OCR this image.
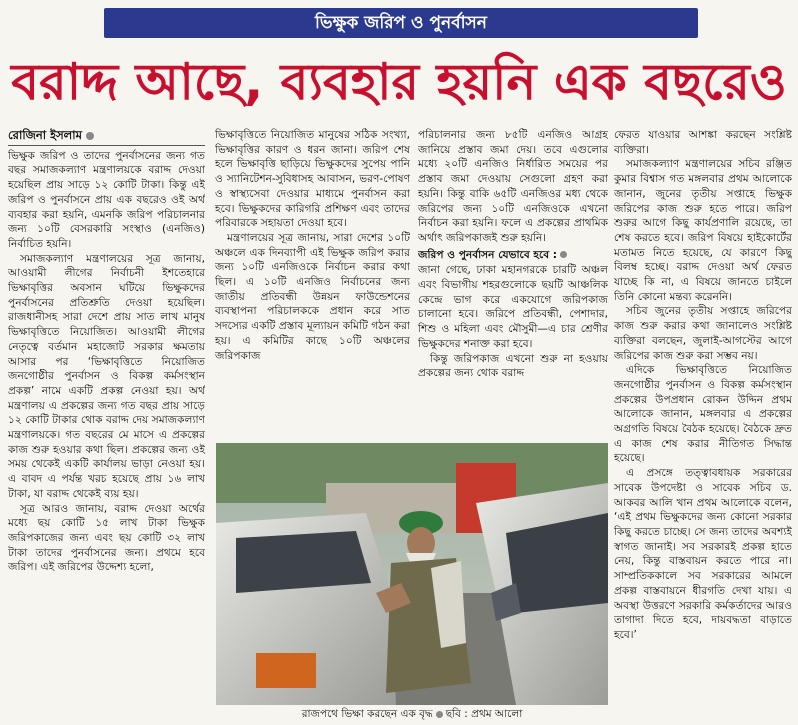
ভিক্ষুক জরিপ ও পুনর্বাসন
বরাদ্দ আছে, ব্যবহার হয়নি এক বছরেও
রোজিনা ইসলাম

ভিক্ষুক জরিপ ও তাদের পুনর্বাসনের জন্য গত বছর সমাজকল্যাণ মন্ত্রণালয়কে বরাদ্দ দেওয়া হয়েছিল প্রায় সাড়ে ১২ কোটি টাকা। কিন্তু এই জরিপ ও পুনর্বাসনে প্রায় এক বছরেও ওই অর্থ ব্যবহার করা হয়নি, এমনকি জরিপ পরিচালনার জন্য ১০টি বেসরকারি সংস্থাও (এনজিও) নির্বাচিত হয়নি।

সমাজকল্যাণ মন্ত্রণালয়ের সূত্র জানায়, আওয়ামী লীগের নির্বাচনী ইশতেহারে ভিক্ষাবৃত্তির অবসান ঘটিয়ে ভিক্ষুকদের পুনর্বাসনের প্রতিশ্রুতি দেওয়া হয়েছিল। রাজধানীসহ সারা দেশে প্রায় সাত লাখ মানুষ ভিক্ষাবৃত্তিতে নিয়োজিত। আওয়ামী লীগের নেতৃত্বে বর্তমান মহাজোট সরকার ক্ষমতায় আসার পর ‘ভিক্ষাবৃত্তিতে নিয়োজিত জনগোষ্ঠীর পুনর্বাসন ও বিকল্প কর্মসংস্থান প্রকল্প’ নামে একটি প্রকল্প নেওয়া হয়। অর্থ মন্ত্রণালয় এ প্রকল্পের জন্য গত বছর প্রায় সাড়ে ১২ কোটি টাকার থোক বরাদ্দ দেয় সমাজকল্যাণ মন্ত্রণালয়কে। গত বছরের মে মাসে এ প্রকল্পের কাজ শুরু হওয়ার কথা ছিল। প্রকল্পের জন্য ওই সময় থেকেই একটি কার্যালয় ভাড়া নেওয়া হয়। এ বাবদ এ পর্যন্ত খরচ হয়েছে প্রায় ১৬ লাখ টাকা, যা বরাদ্দ থেকেই ব্যয় হয়।

সূত্র আরও জানায়, বরাদ্দ দেওয়া অর্থের মধ্যে ছয় কোটি ১৫ লাখ টাকা ভিক্ষুক জরিপকাজের জন্য এবং ছয় কোটি ৩২ লাখ টাকা তাদের পুনর্বাসনের জন্য। প্রথমে হবে জরিপ। এই জরিপের উদ্দেশ্য হলো,

ভিক্ষাবৃত্তিতে নিয়োজিত মানুষের সঠিক সংখ্যা, ভিক্ষাবৃত্তির কারণ ও ধরন জানা। জরিপ শেষ হলে ভিক্ষাবৃত্তি ছাড়িয়ে ভিক্ষুকদের সুপেয় পানি ও স্যানিটেশন-সুবিধাসহ আবাসন, ভরণ-পোষণ ও স্বাস্থ্যসেবা দেওয়ার মাধ্যমে পুনর্বাসন করা হবে। ভিক্ষুকদের কারিগরি প্রশিক্ষণ এবং তাদের পরিবারকে সহায়তা দেওয়া হবে।

মন্ত্রণালয়ের সূত্র জানায়, সারা দেশের ১০টি অঞ্চলে এক দিনব্যাপী এই ভিক্ষুক জরিপ করার জন্য ১০টি এনজিওকে নির্বাচন করার কথা ছিল। এ ১০টি এনজিও নির্বাচনের জন্য জাতীয় প্রতিবন্ধী উন্নয়ন ফাউন্ডেশনের ব্যবস্থাপনা পরিচালককে প্রধান করে সাত সদস্যের একটি প্রস্তাব মূল্যায়ন কমিটি গঠন করা হয়। এ কমিটির কাছে ১০টি অঞ্চলের জরিপকাজ

পরিচালনার জন্য ৮৫টি এনজিও আগ্রহ জানিয়ে প্রস্তাব জমা দেয়। তবে এগুলোর মধ্যে ২০টি এনজিও নির্ধারিত সময়ের পর প্রস্তাব জমা দেওয়ায় সেগুলো গ্রহণ করা হয়নি। কিন্তু বাকি ৬৫টি এনজিওর মধ্য থেকে জরিপের জন্য ১০টি এনজিওকে এখনো নির্বাচন করা হয়নি। ফলে এ প্রকল্পের প্রাথমিক অর্থাৎ জরিপকাজই শুরু হয়নি।

জরিপ ও পুনর্বাসন যেভাবে হবে :

জানা গেছে, ঢাকা মহানগরকে চারটি অঞ্চল এবং বিভাগীয় শহরগুলোকে ছয়টি আঞ্চলিক কেন্দ্রে ভাগ করে একযোগে জরিপকাজ চালানো হবে। জরিপে প্রতিবন্ধী, পেশাদার, শিশু ও মহিলা এবং মৌসুমী—এ চার শ্রেণীর ভিক্ষুকদের শনাক্ত করা হবে।

কিন্তু জরিপকাজ এখনো শুরু না হওয়ায় প্রকল্পের জন্য থোক বরাদ্দ

ফেরত যাওয়ার আশঙ্কা করছেন সংশ্লিষ্ট ব্যক্তিরা।

সমাজকল্যাণ মন্ত্রণালয়ের সচিব রঞ্জিত কুমার বিশ্বাস গত মঙ্গলবার প্রথম আলোকে জানান, জুনের তৃতীয় সপ্তাহে ভিক্ষুক জরিপের কাজ শুরু হতে পারে। জরিপ শুরুর আগে কিছু কার্যপ্রণালি রয়েছে, তা শেষ করতে হবে। জরিপ বিষয়ে হাইকোর্টের মতামত নিতে হয়েছে, যে কারণে কিছু বিলম্ব হচ্ছে। বরাদ্দ দেওয়া অর্থ ফেরত যাচ্ছে কি না, এ বিষয়ে জানতে চাইলে তিনি কোনো মন্তব্য করেননি।

সচিব জুনের তৃতীয় সপ্তাহে জরিপের কাজ শুরু করার কথা জানালেও সংশ্লিষ্ট ব্যক্তিরা বলছেন, জুলাই-আগস্টের আগে জরিপের কাজ শুরু করা সম্ভব নয়।

এদিকে ভিক্ষাবৃত্তিতে নিয়োজিত জনগোষ্ঠীর পুনর্বাসন ও বিকল্প কর্মসংস্থান প্রকল্পের উপপ্রধান রোকন উদ্দিন প্রথম আলোকে জানান, মঙ্গলবার এ প্রকল্পের অগ্রগতি বিষয়ে বৈঠক হয়েছে। বৈঠকে দ্রুত এ কাজ শেষ করার নীতিগত সিদ্ধান্ত হয়েছে।

এ প্রসঙ্গে তত্ত্বাবধায়ক সরকারের সাবেক উপদেষ্টা ও সাবেক সচিব ড. আকবর আলি খান প্রথম আলোকে বলেন, ‘এই প্রথম ভিক্ষুকদের জন্য কোনো সরকার কিছু করতে চাচ্ছে। সে জন্য তাদের অবশ্যই স্বাগত জানাই। সব সরকারই প্রকল্প হাতে নেয়, কিন্তু বাস্তবায়ন করতে পারে না। সাম্প্রতিককালে সব সরকারের আমলে প্রকল্প বাস্তবায়নে ধীরগতি দেখা যায়। এ অবস্থা উত্তরণে সরকারি কর্মকর্তাদের আরও তাগাদা দিতে হবে, দায়বদ্ধতা বাড়াতে হবে।’

রাজপথে ভিক্ষা করছেন এক বৃদ্ধ ছবি : প্রথম আলো
